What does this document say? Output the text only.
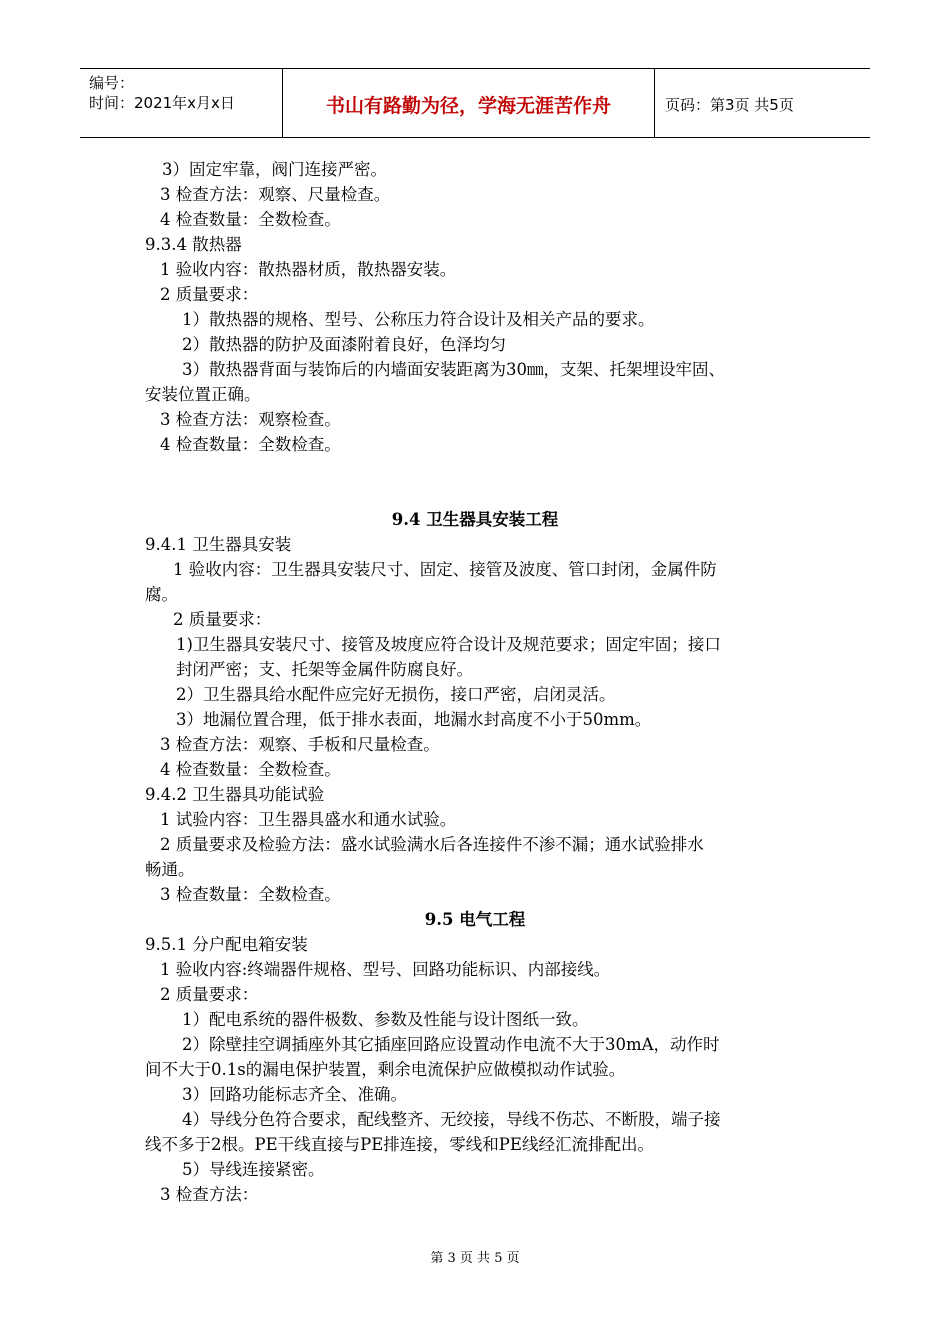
编号：
时间：2021年x月x日	书山有路勤为径，学海无涯苦作舟	页码：第3页 共5页
3）固定牢靠，阀门连接严密。
3 检查方法：观察、尺量检查。
4 检查数量：全数检查。
9.3.4 散热器
1 验收内容：散热器材质，散热器安装。
2 质量要求：
1）散热器的规格、型号、公称压力符合设计及相关产品的要求。
2）散热器的防护及面漆附着良好，色泽均匀
3）散热器背面与装饰后的内墙面安装距离为30㎜，支架、托架埋设牢固、
安装位置正确。
3 检查方法：观察检查。
4 检查数量：全数检查。
9.4 卫生器具安装工程
9.4.1 卫生器具安装
1 验收内容：卫生器具安装尺寸、固定、接管及波度、管口封闭，金属件防
腐。
2 质量要求：
1)卫生器具安装尺寸、接管及坡度应符合设计及规范要求；固定牢固；接口
封闭严密；支、托架等金属件防腐良好。
2）卫生器具给水配件应完好无损伤，接口严密，启闭灵活。
3）地漏位置合理，低于排水表面，地漏水封高度不小于50mm。
3 检查方法：观察、手板和尺量检查。
4 检查数量：全数检查。
9.4.2 卫生器具功能试验
1 试验内容：卫生器具盛水和通水试验。
2 质量要求及检验方法：盛水试验满水后各连接件不渗不漏；通水试验排水
畅通。
3 检查数量：全数检查。
9.5 电气工程
9.5.1 分户配电箱安装
1 验收内容:终端器件规格、型号、回路功能标识、内部接线。
2 质量要求：
1）配电系统的器件极数、参数及性能与设计图纸一致。
2）除壁挂空调插座外其它插座回路应设置动作电流不大于30mA，动作时
间不大于0.1s的漏电保护装置，剩余电流保护应做模拟动作试验。
3）回路功能标志齐全、准确。
4）导线分色符合要求，配线整齐、无绞接，导线不伤芯、不断股，端子接
线不多于2根。PE干线直接与PE排连接，零线和PE线经汇流排配出。
5）导线连接紧密。
3 检查方法：
第 3 页 共 5 页
